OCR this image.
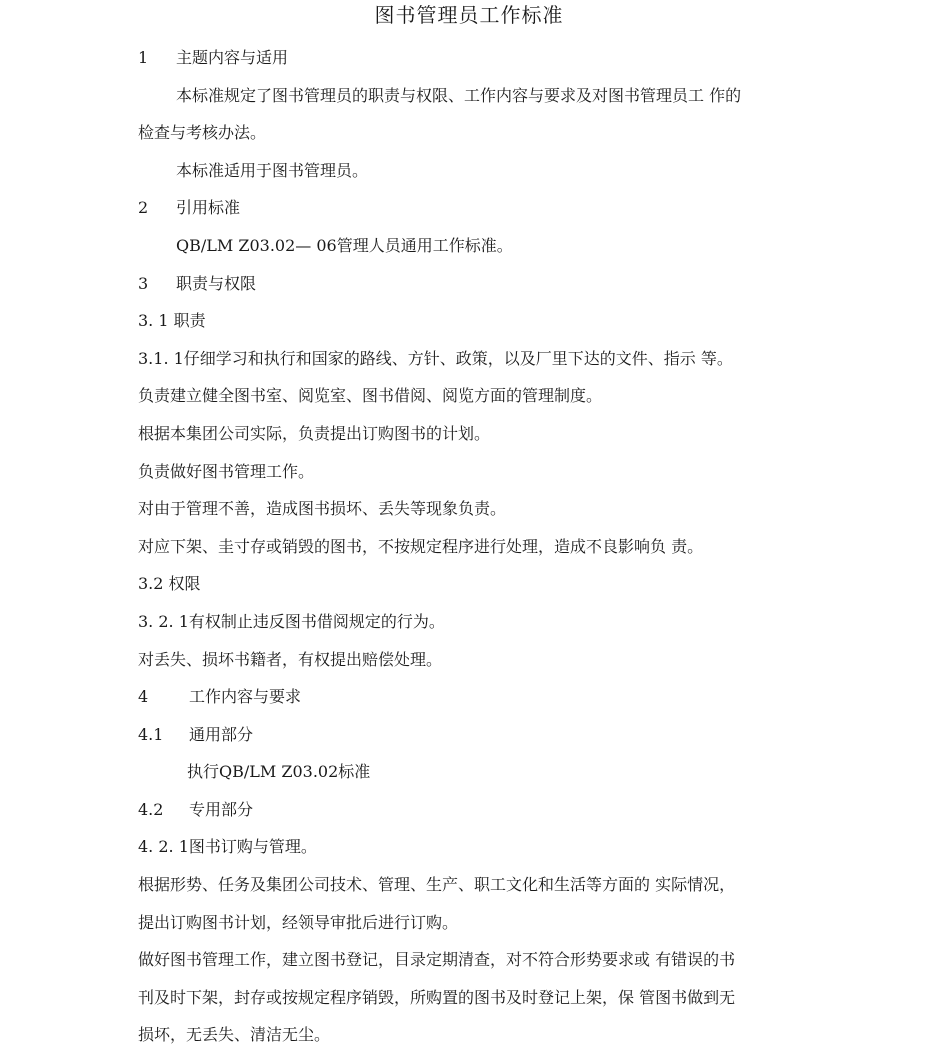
图书管理员工作标准
1 主题内容与适用
本标准规定了图书管理员的职责与权限、工作内容与要求及对图书管理员工 作的
检查与考核办法。
本标准适用于图书管理员。
2 引用标准
QB/LM Z03.02— 06管理人员通用工作标准。
3 职责与权限
3. 1 职责
3.1. 1仔细学习和执行和国家的路线、方针、政策，以及厂里下达的文件、指示 等。
负责建立健全图书室、阅览室、图书借阅、阅览方面的管理制度。
根据本集团公司实际，负责提出订购图书的计划。
负责做好图书管理工作。
对由于管理不善，造成图书损坏、丢失等现象负责。
对应下架、圭寸存或销毁的图书，不按规定程序进行处理，造成不良影响负 责。
3.2 权限
3. 2. 1有权制止违反图书借阅规定的行为。
对丢失、损坏书籍者，有权提出赔偿处理。
4	工作内容与要求
4.1 通用部分
执行QB/LM Z03.02标准
4.2 专用部分
4. 2. 1图书订购与管理。
根据形势、任务及集团公司技术、管理、生产、职工文化和生活等方面的 实际情况，
提出订购图书计划，经领导审批后进行订购。
做好图书管理工作，建立图书登记，目录定期清查，对不符合形势要求或 有错误的书
刊及时下架，封存或按规定程序销毁，所购置的图书及时登记上架，保 管图书做到无
损坏，无丢失、清洁无尘。
